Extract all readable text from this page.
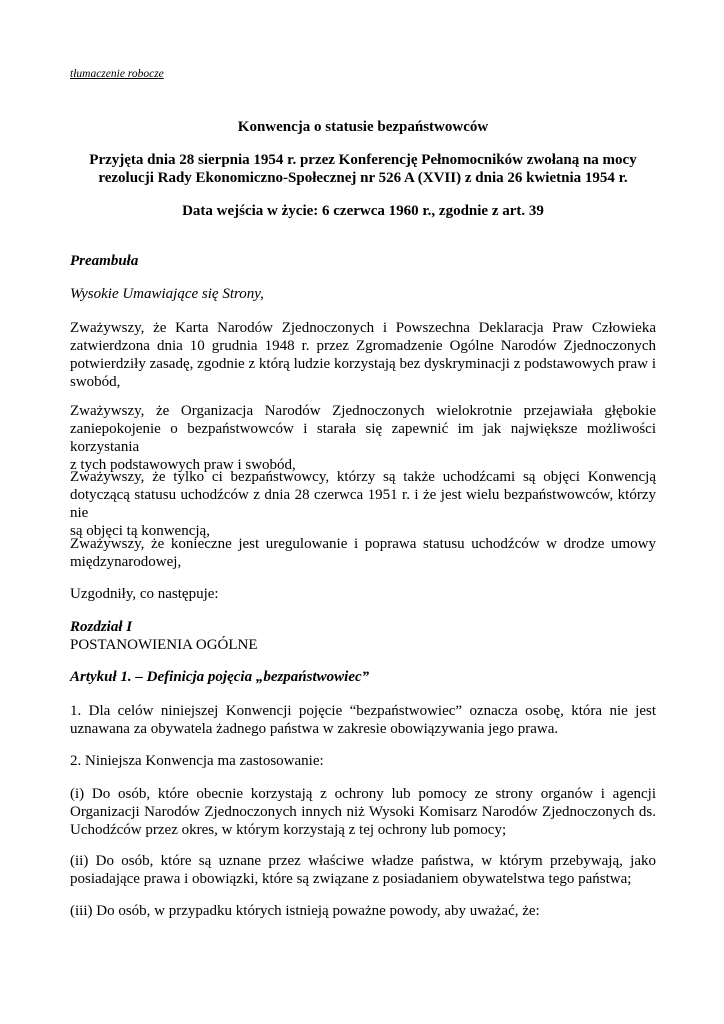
tłumaczenie robocze

Konwencja o statusie bezpaństwowców

Przyjęta dnia 28 sierpnia 1954 r. przez Konferencję Pełnomocników zwołaną na mocy
rezolucji Rady Ekonomiczno-Społecznej nr 526 A (XVII) z dnia 26 kwietnia 1954 r.

Data wejścia w życie: 6 czerwca 1960 r., zgodnie z art. 39

Preambuła

Wysokie Umawiające się Strony,

Zważywszy, że Karta Narodów Zjednoczonych i Powszechna Deklaracja Praw Człowieka
zatwierdzona dnia 10 grudnia 1948 r. przez Zgromadzenie Ogólne Narodów Zjednoczonych
potwierdziły zasadę, zgodnie z którą ludzie korzystają bez dyskryminacji z podstawowych praw i
swobód,

Zważywszy, że Organizacja Narodów Zjednoczonych wielokrotnie przejawiała głębokie
zaniepokojenie o bezpaństwowców i starała się zapewnić im jak największe możliwości korzystania
z tych podstawowych praw i swobód,

Zważywszy, że tylko ci bezpaństwowcy, którzy są także uchodźcami są objęci Konwencją
dotyczącą statusu uchodźców z dnia 28 czerwca 1951 r. i że jest wielu bezpaństwowców, którzy nie
są objęci tą konwencją,

Zważywszy, że konieczne jest uregulowanie i poprawa statusu uchodźców w drodze umowy
międzynarodowej,

Uzgodniły, co następuje:

Rozdział I
POSTANOWIENIA OGÓLNE

Artykuł 1. – Definicja pojęcia „bezpaństwowiec”

1. Dla celów niniejszej Konwencji pojęcie “bezpaństwowiec” oznacza osobę, która nie jest
uznawana za obywatela żadnego państwa w zakresie obowiązywania jego prawa.

2. Niniejsza Konwencja ma zastosowanie:

(i) Do osób, które obecnie korzystają z ochrony lub pomocy ze strony organów i agencji
Organizacji Narodów Zjednoczonych innych niż Wysoki Komisarz Narodów Zjednoczonych ds.
Uchodźców przez okres, w którym korzystają z tej ochrony lub pomocy;

(ii) Do osób, które są uznane przez właściwe władze państwa, w którym przebywają, jako
posiadające prawa i obowiązki, które są związane z posiadaniem obywatelstwa tego państwa;

(iii) Do osób, w przypadku których istnieją poważne powody, aby uważać, że:
